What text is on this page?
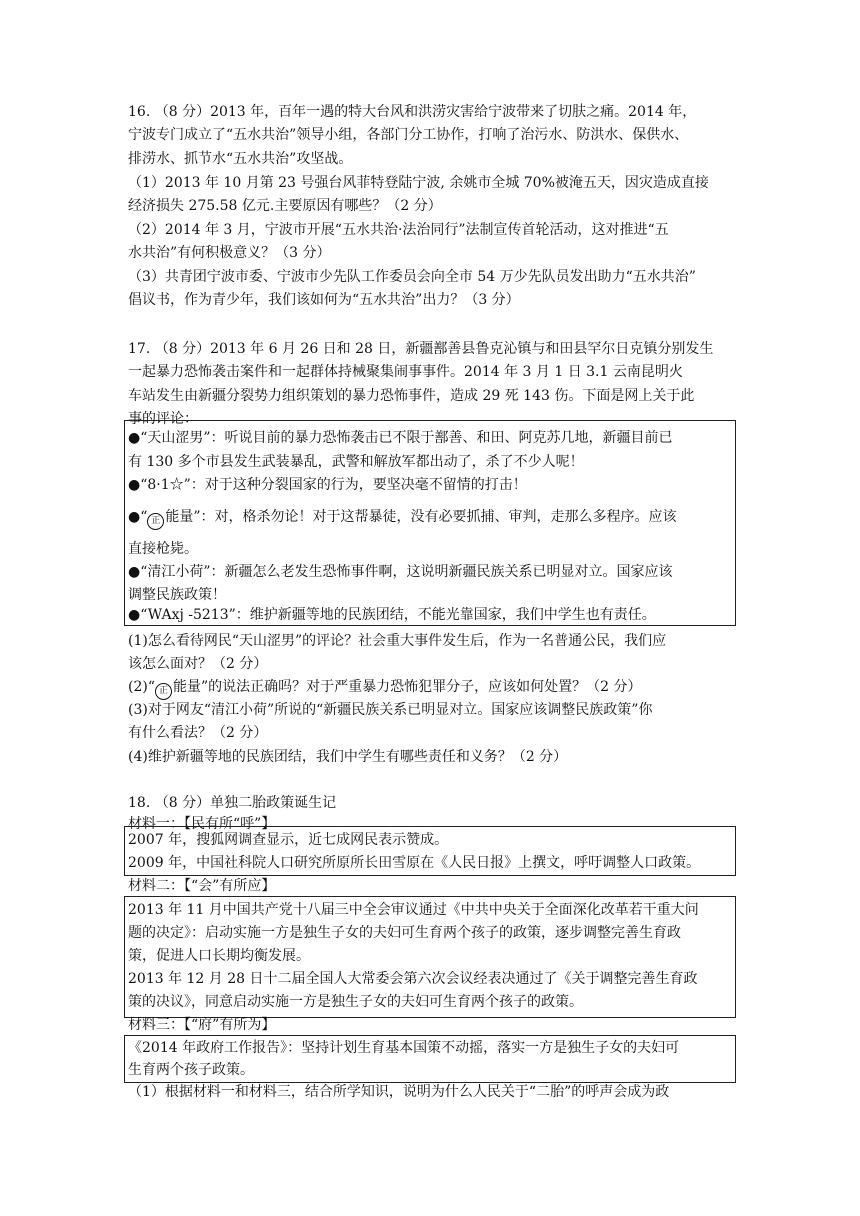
16. （8 分）2013 年，百年一遇的特大台风和洪涝灾害给宁波带来了切肤之痛。2014 年，
宁波专门成立了“五水共治”领导小组，各部门分工协作，打响了治污水、防洪水、保供水、
排涝水、抓节水“五水共治”攻坚战。
（1）2013 年 10 月第 23 号强台风菲特登陆宁波, 余姚市全城 70%被淹五天，因灾造成直接
经济损失 275.58 亿元.主要原因有哪些？（2 分）
（2）2014 年 3 月，宁波市开展“五水共治·法治同行”法制宣传首轮活动，这对推进“五
水共治”有何积极意义？（3 分）
（3）共青团宁波市委、宁波市少先队工作委员会向全市 54 万少先队员发出助力“五水共治”
倡议书，作为青少年，我们该如何为“五水共治”出力？（3 分）
17. （8 分）2013 年 6 月 26 日和 28 日，新疆鄯善县鲁克沁镇与和田县罕尔日克镇分别发生
一起暴力恐怖袭击案件和一起群体持械聚集闹事事件。2014 年 3 月 1 日 3.1 云南昆明火
车站发生由新疆分裂势力组织策划的暴力恐怖事件，造成 29 死 143 伤。下面是网上关于此
事的评论：
●“天山涩男”：听说目前的暴力恐怖袭击已不限于鄯善、和田、阿克苏几地，新疆目前已
有 130 多个市县发生武装暴乱，武警和解放军都出动了，杀了不少人呢！
●“8·1☆”：对于这种分裂国家的行为，要坚决毫不留情的打击！
●“ 正 能量”：对，格杀勿论！对于这帮暴徒，没有必要抓捕、审判，走那么多程序。应该
直接枪毙。
●“清江小荷”：新疆怎么老发生恐怖事件啊，这说明新疆民族关系已明显对立。国家应该
调整民族政策！
●“WAxj -5213”：维护新疆等地的民族团结，不能光靠国家，我们中学生也有责任。
(1)怎么看待网民“天山涩男”的评论？社会重大事件发生后，作为一名普通公民，我们应
该怎么面对？（2 分）
(2)“ 正 能量”的说法正确吗？对于严重暴力恐怖犯罪分子，应该如何处置？（2 分）
(3)对于网友“清江小荷”所说的“新疆民族关系已明显对立。国家应该调整民族政策”你
有什么看法？（2 分）
(4)维护新疆等地的民族团结，我们中学生有哪些责任和义务？（2 分）
18. （8 分）单独二胎政策诞生记
材料一：【民有所“呼”】
2007 年，搜狐网调查显示，近七成网民表示赞成。
2009 年，中国社科院人口研究所原所长田雪原在《人民日报》上撰文，呼吁调整人口政策。
材料二：【“会”有所应】
2013 年 11 月中国共产党十八届三中全会审议通过《中共中央关于全面深化改革若干重大问
题的决定》：启动实施一方是独生子女的夫妇可生育两个孩子的政策，逐步调整完善生育政
策，促进人口长期均衡发展。
2013 年 12 月 28 日十二届全国人大常委会第六次会议经表决通过了《关于调整完善生育政
策的决议》，同意启动实施一方是独生子女的夫妇可生育两个孩子的政策。
材料三：【“府”有所为】
《2014 年政府工作报告》：坚持计划生育基本国策不动摇，落实一方是独生子女的夫妇可
生育两个孩子政策。
（1）根据材料一和材料三，结合所学知识，说明为什么人民关于“二胎”的呼声会成为政
